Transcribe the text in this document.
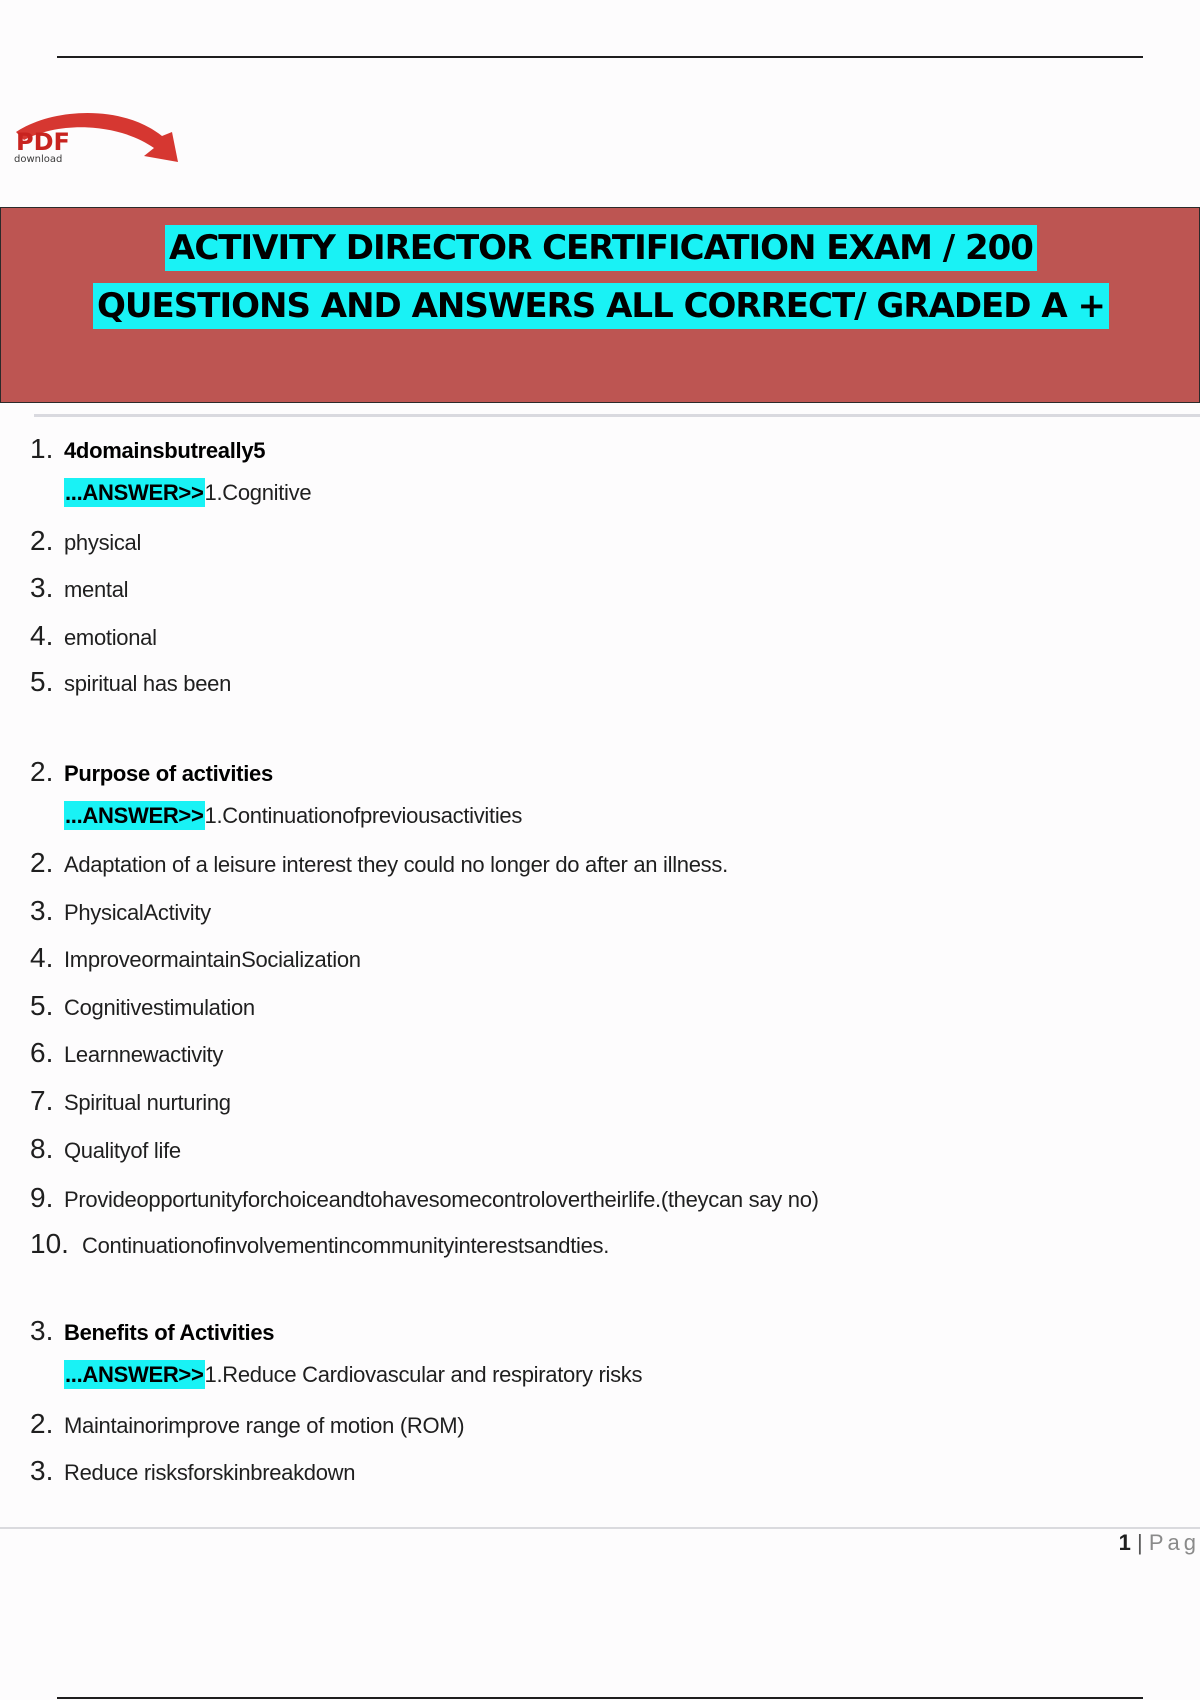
PDF
download
ACTIVITY DIRECTOR CERTIFICATION EXAM / 200
QUESTIONS AND ANSWERS ALL CORRECT/ GRADED A +
1. 4domainsbutreally5
...ANSWER>>1.Cognitive
2. physical
3. mental
4. emotional
5. spiritual has been
2. Purpose of activities
...ANSWER>>1.Continuationofpreviousactivities
2. Adaptation of a leisure interest they could no longer do after an illness.
3. PhysicalActivity
4. ImproveormaintainSocialization
5. Cognitivestimulation
6. Learnnewactivity
7. Spiritual nurturing
8. Qualityof life
9. Provideopportunityforchoiceandtohavesomecontrolovertheirlife.(theycan say no)
10. Continuationofinvolvementincommunityinterestsandties.
3. Benefits of Activities
...ANSWER>>1.Reduce Cardiovascular and respiratory risks
2. Maintainorimprove range of motion (ROM)
3. Reduce risksforskinbreakdown
1 | Pag
